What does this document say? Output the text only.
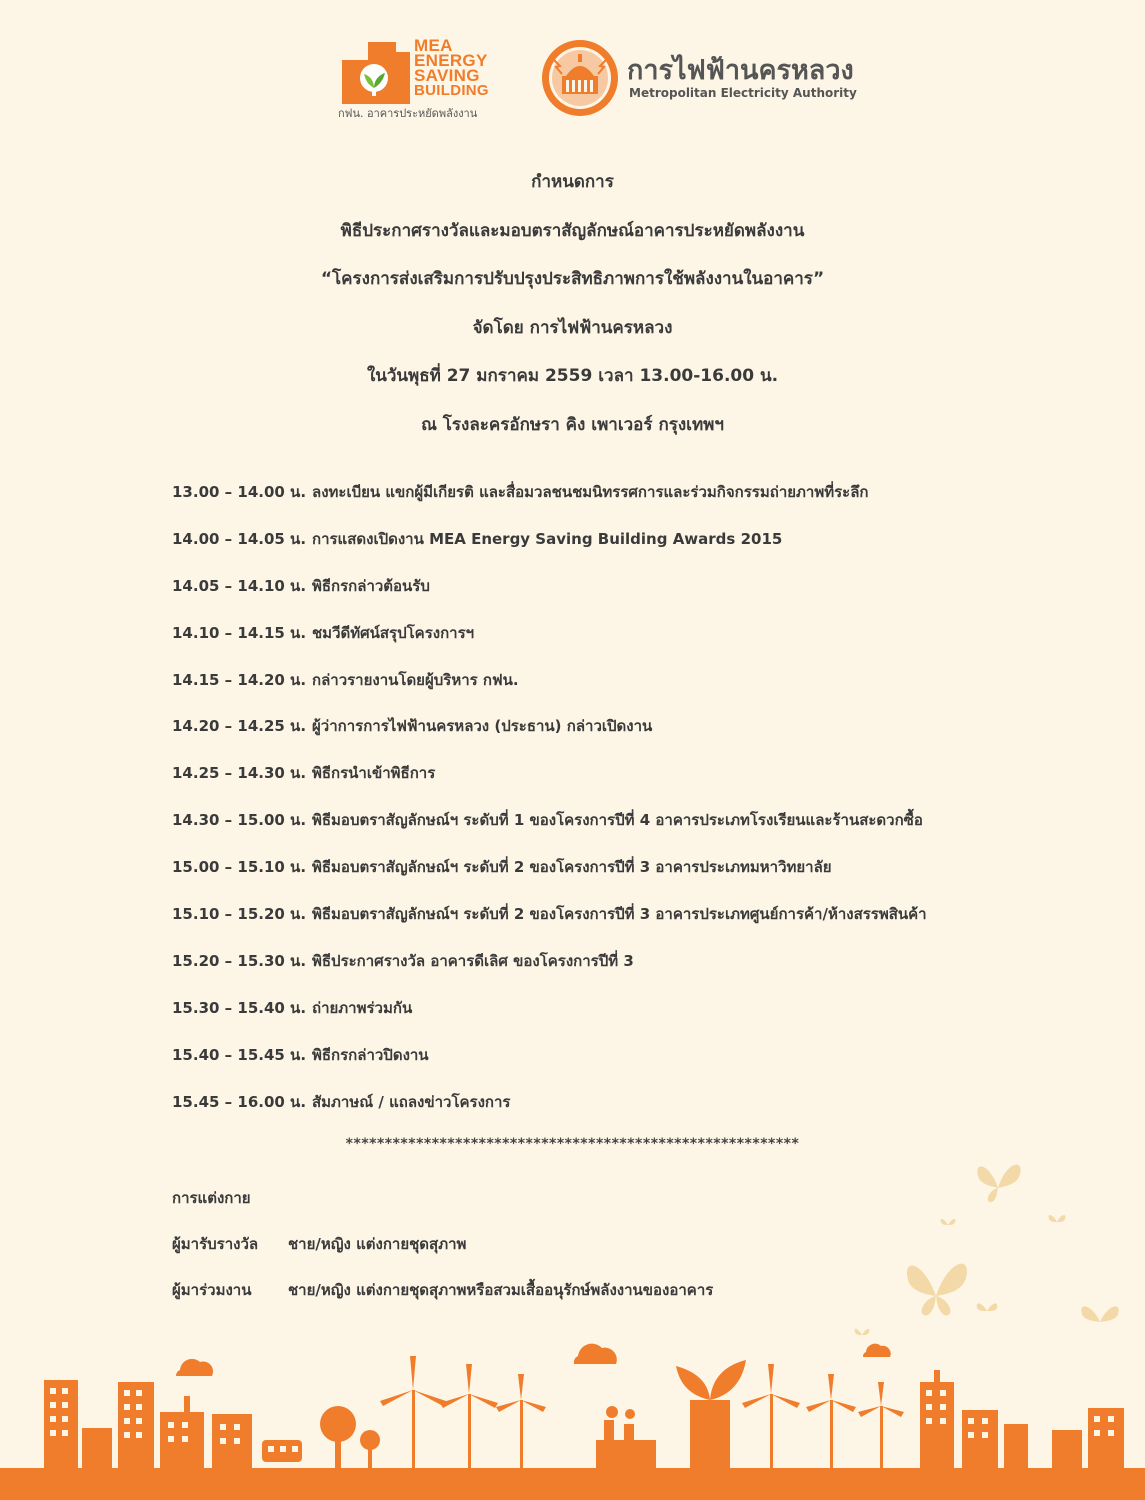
MEA
ENERGY
SAVING
BUILDING
กฟน. อาคารประหยัดพลังงาน
การไฟฟ้านครหลวง
Metropolitan Electricity Authority
กำหนดการ
พิธีประกาศรางวัลและมอบตราสัญลักษณ์อาคารประหยัดพลังงาน
“โครงการส่งเสริมการปรับปรุงประสิทธิภาพการใช้พลังงานในอาคาร”
จัดโดย การไฟฟ้านครหลวง
ในวันพุธที่ 27 มกราคม 2559 เวลา 13.00-16.00 น.
ณ โรงละครอักษรา คิง เพาเวอร์ กรุงเทพฯ
13.00 – 14.00 น. ลงทะเบียน แขกผู้มีเกียรติ และสื่อมวลชนชมนิทรรศการและร่วมกิจกรรมถ่ายภาพที่ระลึก
14.00 – 14.05 น. การแสดงเปิดงาน MEA Energy Saving Building Awards 2015
14.05 – 14.10 น. พิธีกรกล่าวต้อนรับ
14.10 – 14.15 น. ชมวีดีทัศน์สรุปโครงการฯ
14.15 – 14.20 น. กล่าวรายงานโดยผู้บริหาร กฟน.
14.20 – 14.25 น. ผู้ว่าการการไฟฟ้านครหลวง (ประธาน) กล่าวเปิดงาน
14.25 – 14.30 น. พิธีกรนำเข้าพิธีการ
14.30 – 15.00 น. พิธีมอบตราสัญลักษณ์ฯ ระดับที่ 1 ของโครงการปีที่ 4 อาคารประเภทโรงเรียนและร้านสะดวกซื้อ
15.00 – 15.10 น. พิธีมอบตราสัญลักษณ์ฯ ระดับที่ 2 ของโครงการปีที่ 3 อาคารประเภทมหาวิทยาลัย
15.10 – 15.20 น. พิธีมอบตราสัญลักษณ์ฯ ระดับที่ 2 ของโครงการปีที่ 3 อาคารประเภทศูนย์การค้า/ห้างสรรพสินค้า
15.20 – 15.30 น. พิธีประกาศรางวัล อาคารดีเลิศ ของโครงการปีที่ 3
15.30 – 15.40 น. ถ่ายภาพร่วมกัน
15.40 – 15.45 น. พิธีกรกล่าวปิดงาน
15.45 – 16.00 น. สัมภาษณ์ / แถลงข่าวโครงการ
**********************************************************
การแต่งกาย
ผู้มารับรางวัล ชาย/หญิง แต่งกายชุดสุภาพ
ผู้มาร่วมงาน ชาย/หญิง แต่งกายชุดสุภาพหรือสวมเสื้ออนุรักษ์พลังงานของอาคาร
